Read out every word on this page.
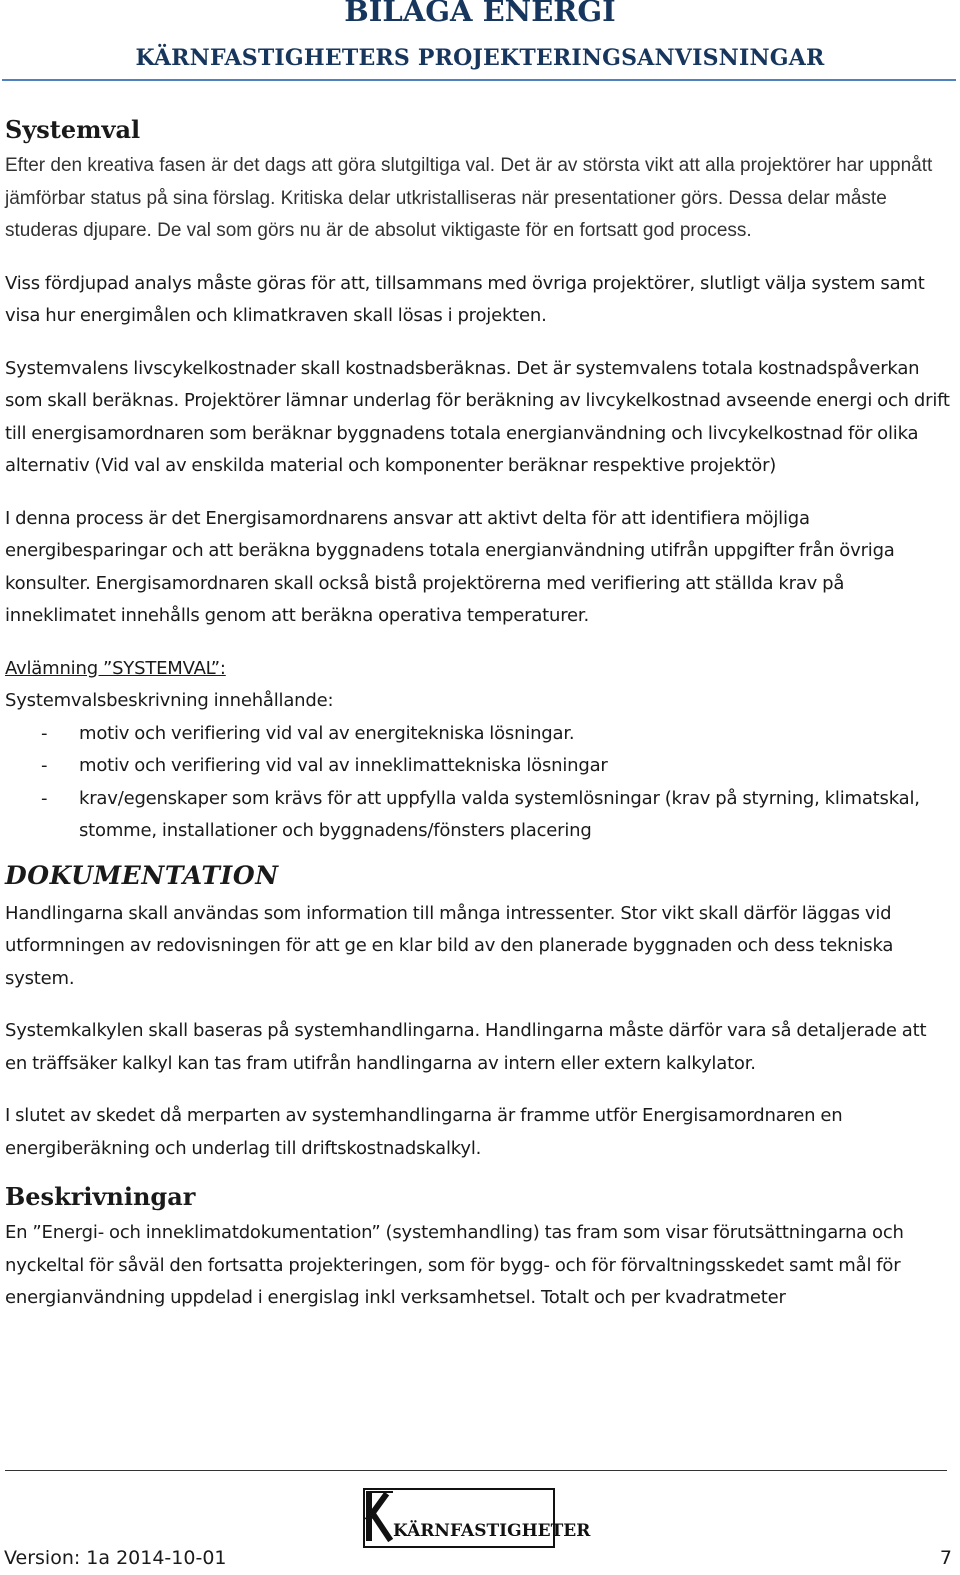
BILAGA ENERGI
KÄRNFASTIGHETERS PROJEKTERINGSANVISNINGAR
Systemval

Efter den kreativa fasen är det dags att göra slutgiltiga val. Det är av största vikt att alla projektörer har uppnått jämförbar status på sina förslag. Kritiska delar utkristalliseras när presentationer görs. Dessa delar måste studeras djupare. De val som görs nu är de absolut viktigaste för en fortsatt god process.

Viss fördjupad analys måste göras för att, tillsammans med övriga projektörer, slutligt välja system samt visa hur energimålen och klimatkraven skall lösas i projekten.

Systemvalens livscykelkostnader skall kostnadsberäknas. Det är systemvalens totala kostnadspåverkan som skall beräknas. Projektörer lämnar underlag för beräkning av livcykelkostnad avseende energi och drift till energisamordnaren som beräknar byggnadens totala energianvändning och livcykelkostnad för olika alternativ (Vid val av enskilda material och komponenter beräknar respektive projektör)

I denna process är det Energisamordnarens ansvar att aktivt delta för att identifiera möjliga energibesparingar och att beräkna byggnadens totala energianvändning utifrån uppgifter från övriga konsulter. Energisamordnaren skall också bistå projektörerna med verifiering att ställda krav på inneklimatet innehålls genom att beräkna operativa temperaturer.

Avlämning ”SYSTEMVAL”:

Systemvalsbeskrivning innehållande:

- motiv och verifiering vid val av energitekniska lösningar.
- motiv och verifiering vid val av inneklimattekniska lösningar
- krav/egenskaper som krävs för att uppfylla valda systemlösningar (krav på styrning, klimatskal, stomme, installationer och byggnadens/fönsters placering
DOKUMENTATION

Handlingarna skall användas som information till många intressenter. Stor vikt skall därför läggas vid utformningen av redovisningen för att ge en klar bild av den planerade byggnaden och dess tekniska system.

Systemkalkylen skall baseras på systemhandlingarna. Handlingarna måste därför vara så detaljerade att en träffsäker kalkyl kan tas fram utifrån handlingarna av intern eller extern kalkylator.

I slutet av skedet då merparten av systemhandlingarna är framme utför Energisamordnaren en energiberäkning och underlag till driftskostnadskalkyl.

Beskrivningar

En ”Energi- och inneklimatdokumentation” (systemhandling) tas fram som visar förutsättningarna och nyckeltal för såväl den fortsatta projekteringen, som för bygg- och för förvaltningsskedet samt mål för energianvändning uppdelad i energislag inkl verksamhetsel. Totalt och per kvadratmeter

KÄRNFASTIGHETER

Version: 1a 2014-10-01	7
